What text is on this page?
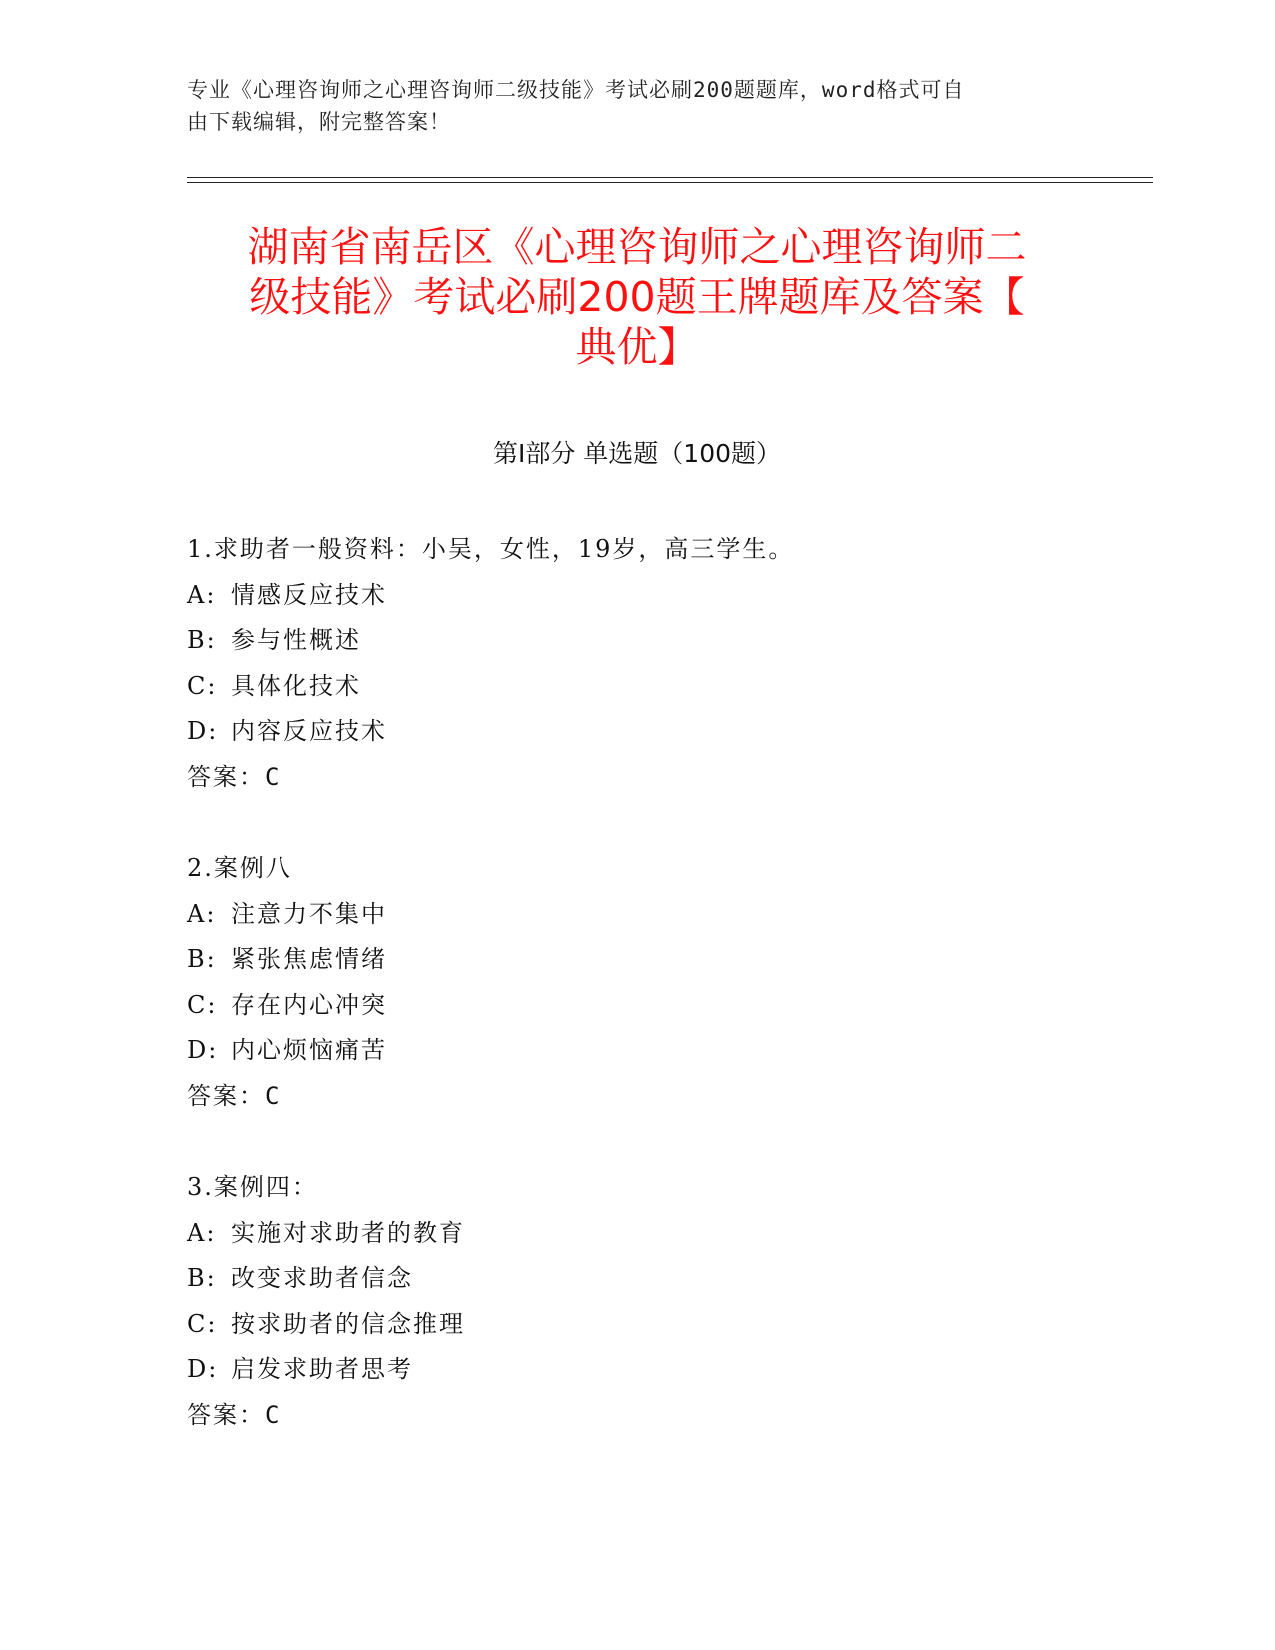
专业《心理咨询师之心理咨询师二级技能》考试必刷200题题库，word格式可自
由下载编辑，附完整答案！
湖南省南岳区《心理咨询师之心理咨询师二
级技能》考试必刷200题王牌题库及答案【
典优】
第Ⅰ部分 单选题（100题）
1.求助者一般资料：小吴，女性，19岁，高三学生。
A: 情感反应技术
B: 参与性概述
C: 具体化技术
D: 内容反应技术
答案：C
2.案例八
A: 注意力不集中
B: 紧张焦虑情绪
C: 存在内心冲突
D: 内心烦恼痛苦
答案：C
3.案例四：
A: 实施对求助者的教育
B: 改变求助者信念
C: 按求助者的信念推理
D: 启发求助者思考
答案：C
